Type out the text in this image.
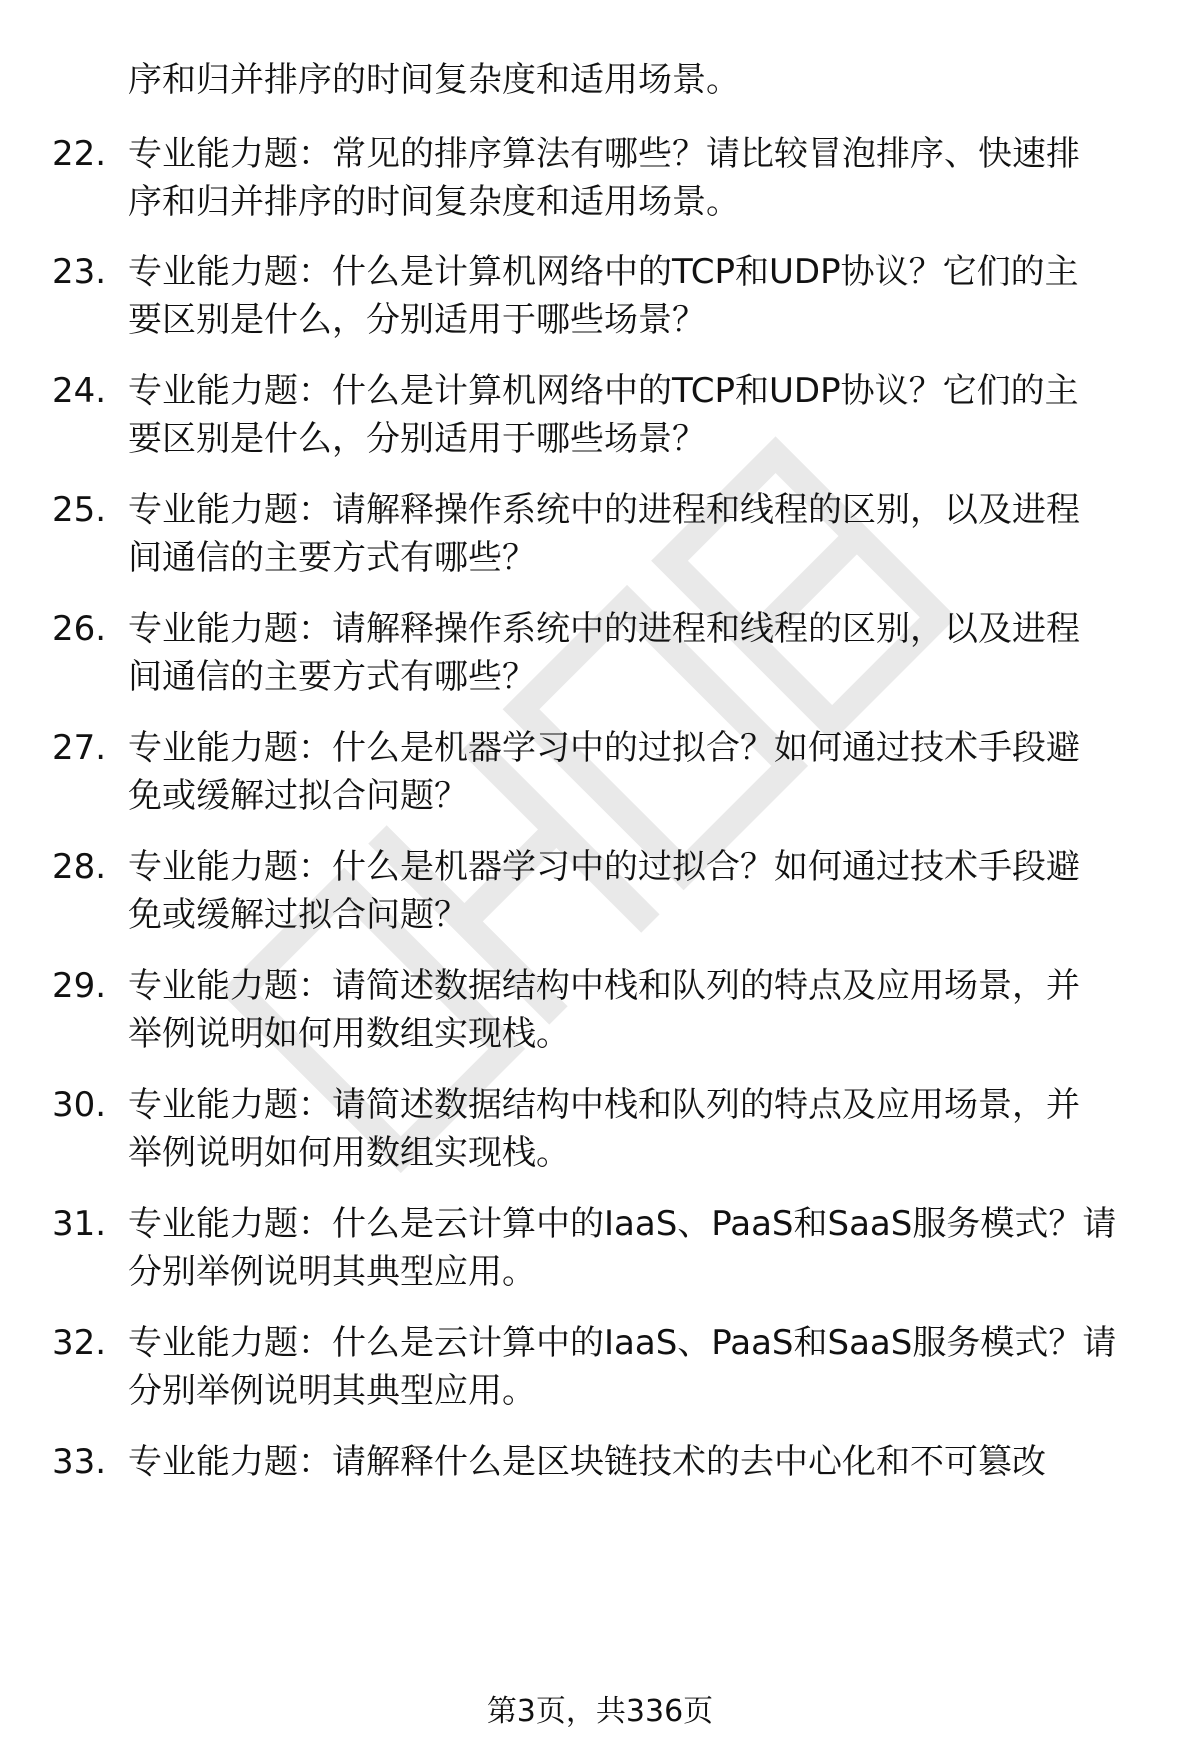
序和归并排序的时间复杂度和适用场景。
22. 专业能力题：常见的排序算法有哪些？请比较冒泡排序、快速排
序和归并排序的时间复杂度和适用场景。
23. 专业能力题：什么是计算机网络中的TCP和UDP协议？它们的主
要区别是什么，分别适用于哪些场景？
24. 专业能力题：什么是计算机网络中的TCP和UDP协议？它们的主
要区别是什么，分别适用于哪些场景？
25. 专业能力题：请解释操作系统中的进程和线程的区别，以及进程
间通信的主要方式有哪些？
26. 专业能力题：请解释操作系统中的进程和线程的区别，以及进程
间通信的主要方式有哪些？
27. 专业能力题：什么是机器学习中的过拟合？如何通过技术手段避
免或缓解过拟合问题？
28. 专业能力题：什么是机器学习中的过拟合？如何通过技术手段避
免或缓解过拟合问题？
29. 专业能力题：请简述数据结构中栈和队列的特点及应用场景，并
举例说明如何用数组实现栈。
30. 专业能力题：请简述数据结构中栈和队列的特点及应用场景，并
举例说明如何用数组实现栈。
31. 专业能力题：什么是云计算中的IaaS、PaaS和SaaS服务模式？请
分别举例说明其典型应用。
32. 专业能力题：什么是云计算中的IaaS、PaaS和SaaS服务模式？请
分别举例说明其典型应用。
33. 专业能力题：请解释什么是区块链技术的去中心化和不可篡改
第3页，共336页
